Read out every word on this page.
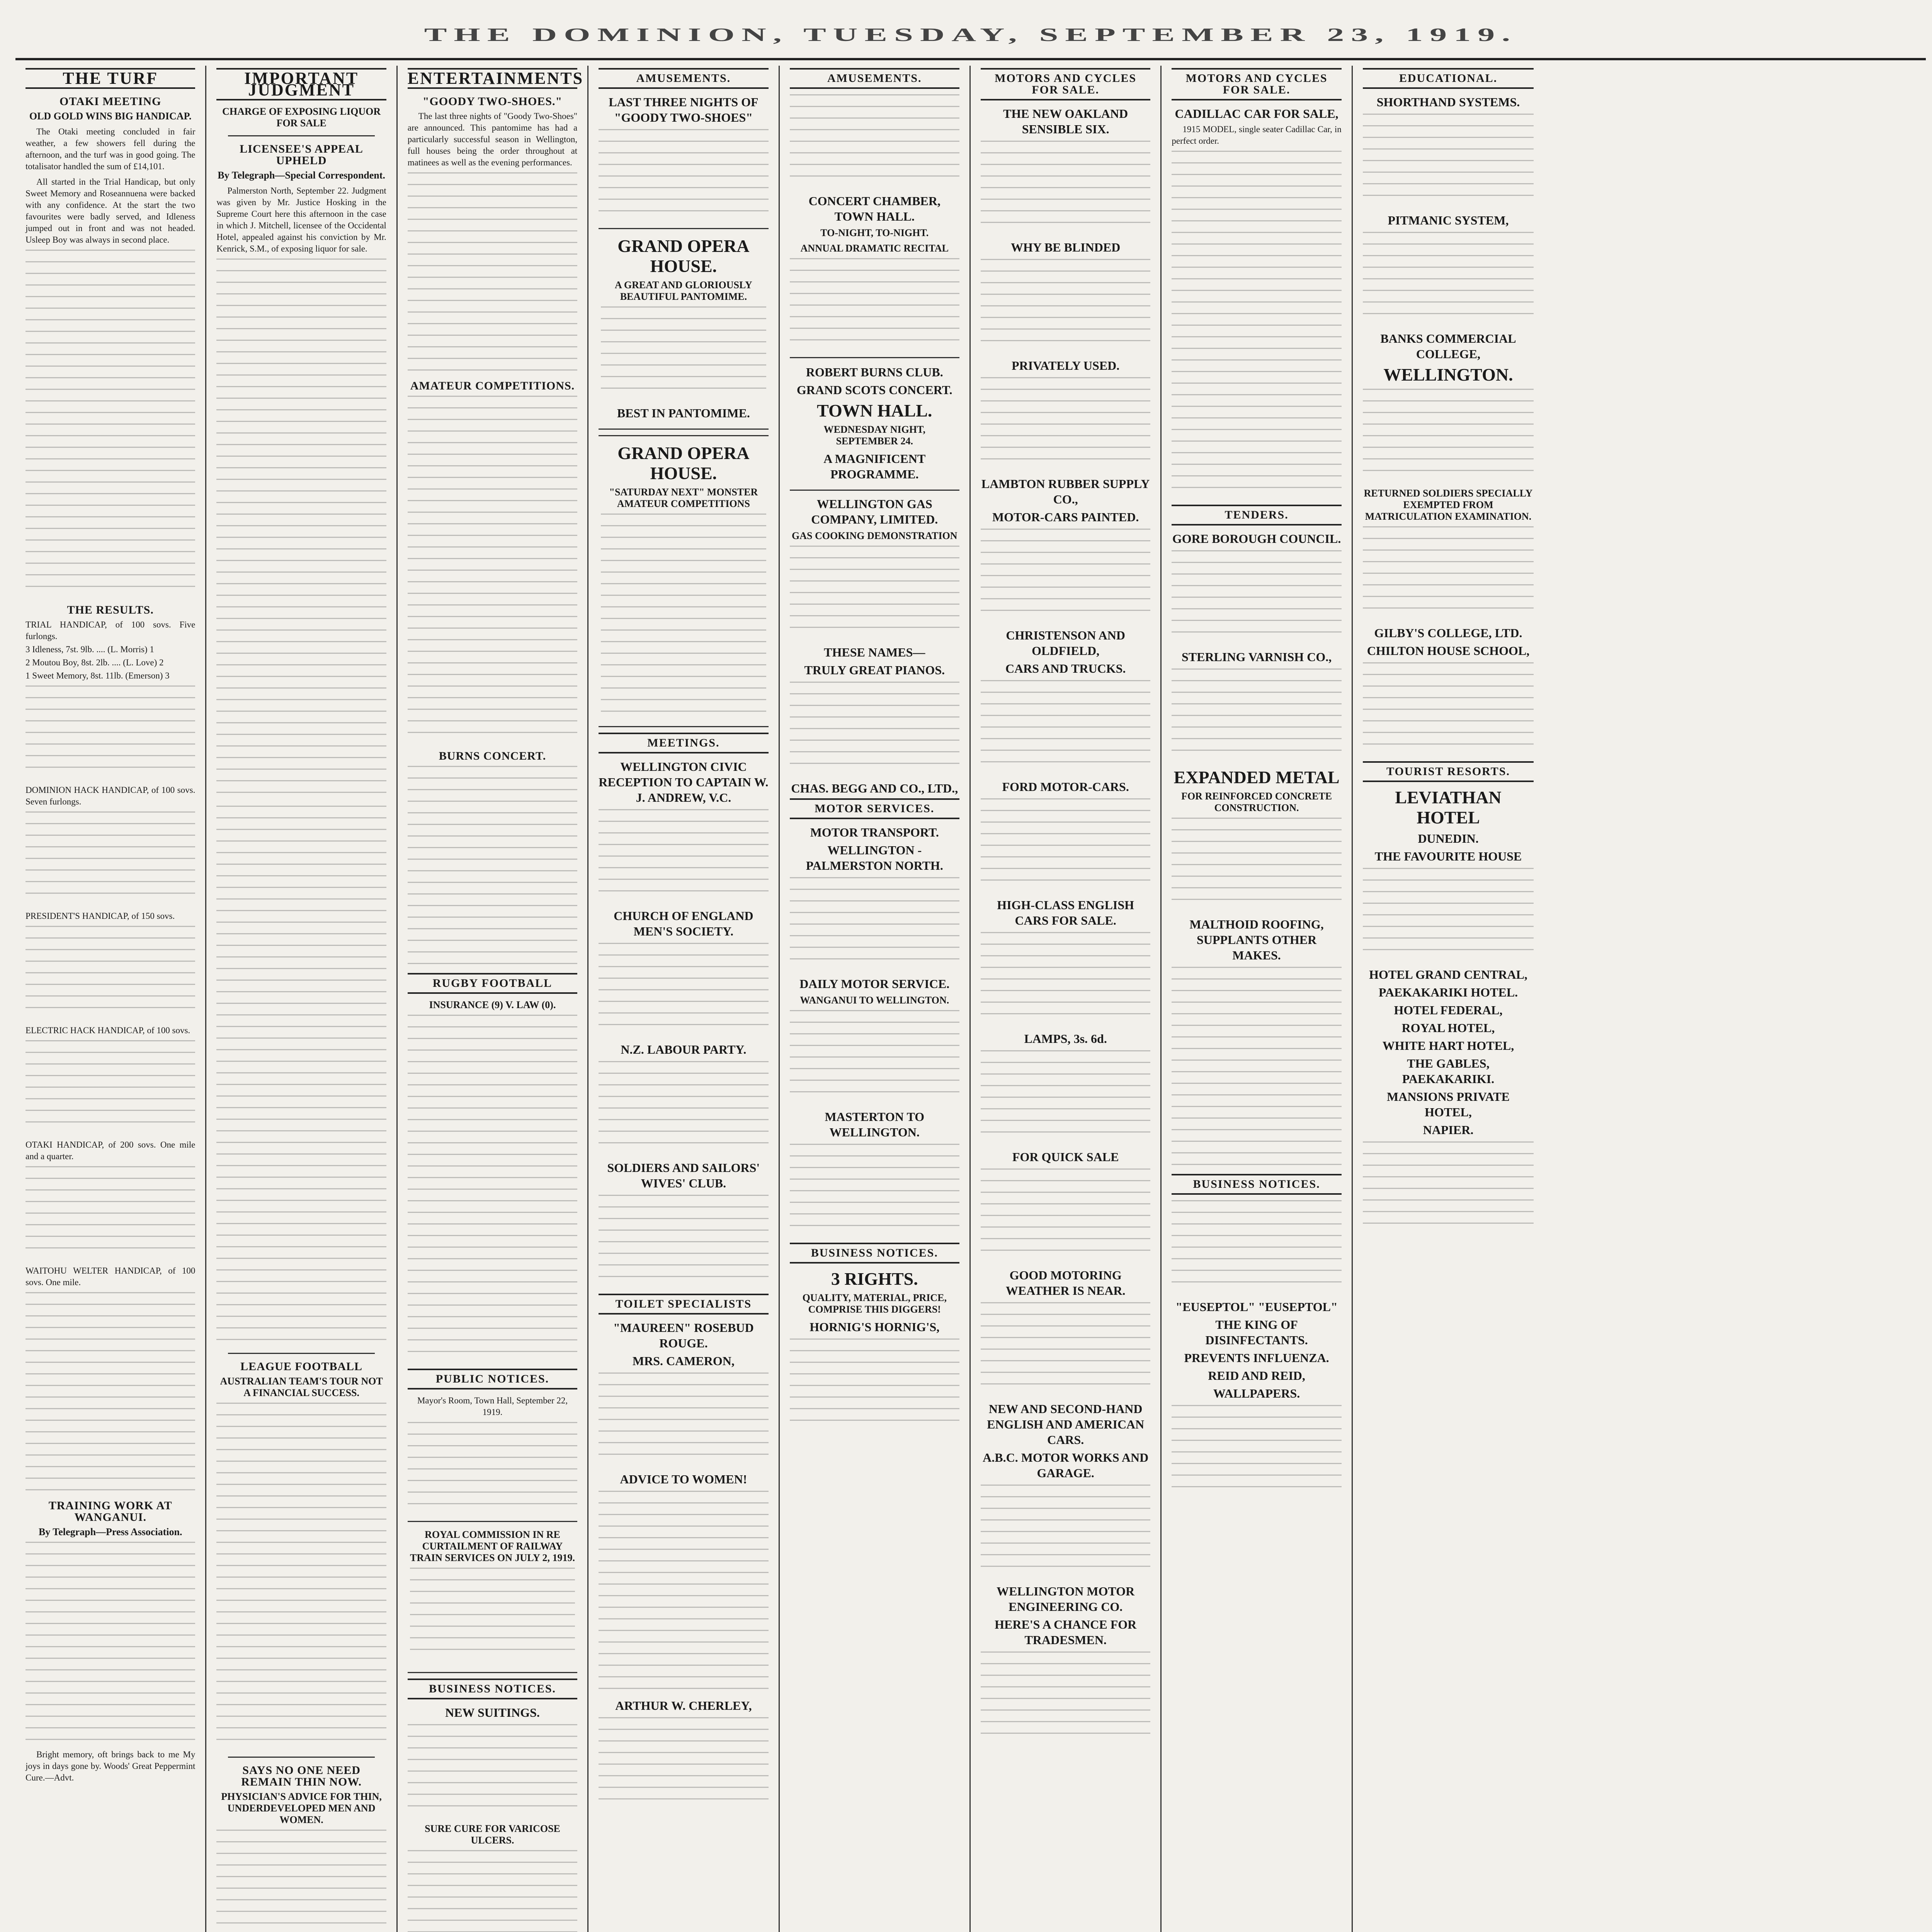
THE DOMINION, TUESDAY, SEPTEMBER 23, 1919.
THE TURF
OTAKI MEETING
OLD GOLD WINS BIG HANDICAP.

The Otaki meeting concluded in fair weather, a few showers fell during the afternoon, and the turf was in good going. The totalisator handled the sum of £14,101.

All started in the Trial Handicap, but only Sweet Memory and Roseannuena were backed with any confidence. At the start the two favourites were badly served, and Idleness jumped out in front and was not headed. Usleep Boy was always in second place.

THE RESULTS.
TRIAL HANDICAP, of 100 sovs. Five furlongs.
3 Idleness, 7st. 9lb. .... (L. Morris) 1
2 Moutou Boy, 8st. 2lb. .... (L. Love) 2
1 Sweet Memory, 8st. 11lb. (Emerson) 3
DOMINION HACK HANDICAP, of 100 sovs. Seven furlongs.
PRESIDENT'S HANDICAP, of 150 sovs.
ELECTRIC HACK HANDICAP, of 100 sovs.
OTAKI HANDICAP, of 200 sovs. One mile and a quarter.
WAITOHU WELTER HANDICAP, of 100 sovs. One mile.
TRAINING WORK AT WANGANUI.
By Telegraph—Press Association.

Bright memory, oft brings back to me My joys in days gone by. Woods' Great Peppermint Cure.—Advt.

IMPORTANT JUDGMENT
CHARGE OF EXPOSING LIQUOR FOR SALE
LICENSEE'S APPEAL UPHELD
By Telegraph—Special Correspondent.

Palmerston North, September 22. Judgment was given by Mr. Justice Hosking in the Supreme Court here this afternoon in the case in which J. Mitchell, licensee of the Occidental Hotel, appealed against his conviction by Mr. Kenrick, S.M., of exposing liquor for sale.

LEAGUE FOOTBALL
AUSTRALIAN TEAM'S TOUR NOT A FINANCIAL SUCCESS.
SAYS NO ONE NEED REMAIN THIN NOW.
PHYSICIAN'S ADVICE FOR THIN, UNDERDEVELOPED MEN AND WOMEN.

ENTERTAINMENTS
"GOODY TWO-SHOES."

The last three nights of "Goody Two-Shoes" are announced. This pantomime has had a particularly successful season in Wellington, full houses being the order throughout at matinees as well as the evening performances.

AMATEUR COMPETITIONS.
BURNS CONCERT.
RUGBY FOOTBALL
INSURANCE (9) V. LAW (0).
PUBLIC NOTICES.
Mayor's Room, Town Hall, September 22, 1919.
ROYAL COMMISSION IN RE CURTAILMENT OF RAILWAY TRAIN SERVICES ON JULY 2, 1919.
BUSINESS NOTICES.
NEW SUITINGS.
SURE CURE FOR VARICOSE ULCERS.
AMUSEMENTS.
LAST THREE NIGHTS OF "GOODY TWO-SHOES"
GRAND OPERA HOUSE.
A GREAT AND GLORIOUSLY BEAUTIFUL PANTOMIME.
BEST IN PANTOMIME.
GRAND OPERA HOUSE.
"SATURDAY NEXT" MONSTER AMATEUR COMPETITIONS
MEETINGS.
WELLINGTON CIVIC RECEPTION TO CAPTAIN W. J. ANDREW, V.C.
CHURCH OF ENGLAND MEN'S SOCIETY.
N.Z. LABOUR PARTY.
SOLDIERS AND SAILORS' WIVES' CLUB.
TOILET SPECIALISTS
"MAUREEN" ROSEBUD ROUGE.
MRS. CAMERON,
ADVICE TO WOMEN!
ARTHUR W. CHERLEY,
AMUSEMENTS.
CONCERT CHAMBER, TOWN HALL.
TO-NIGHT, TO-NIGHT.
ANNUAL DRAMATIC RECITAL
ROBERT BURNS CLUB.
GRAND SCOTS CONCERT.
TOWN HALL.
WEDNESDAY NIGHT, SEPTEMBER 24.
A MAGNIFICENT PROGRAMME.
WELLINGTON GAS COMPANY, LIMITED.
GAS COOKING DEMONSTRATION
THESE NAMES—
TRULY GREAT PIANOS.
CHAS. BEGG AND CO., LTD.,
MOTOR SERVICES.
MOTOR TRANSPORT.
WELLINGTON - PALMERSTON NORTH.
DAILY MOTOR SERVICE.
WANGANUI TO WELLINGTON.
MASTERTON TO WELLINGTON.
BUSINESS NOTICES.
3 RIGHTS.
QUALITY, MATERIAL, PRICE, COMPRISE THIS DIGGERS!
HORNIG'S HORNIG'S,
MOTORS AND CYCLES FOR SALE.
THE NEW OAKLAND SENSIBLE SIX.
WHY BE BLINDED
PRIVATELY USED.
LAMBTON RUBBER SUPPLY CO.,
MOTOR-CARS PAINTED.
CHRISTENSON AND OLDFIELD,
CARS AND TRUCKS.
FORD MOTOR-CARS.
HIGH-CLASS ENGLISH CARS FOR SALE.
LAMPS, 3s. 6d.
FOR QUICK SALE
GOOD MOTORING WEATHER IS NEAR.
NEW AND SECOND-HAND ENGLISH AND AMERICAN CARS.
A.B.C. MOTOR WORKS AND GARAGE.
WELLINGTON MOTOR ENGINEERING CO.
HERE'S A CHANCE FOR TRADESMEN.
MOTORS AND CYCLES FOR SALE.
CADILLAC CAR FOR SALE,

1915 MODEL, single seater Cadillac Car, in perfect order.

TENDERS.
GORE BOROUGH COUNCIL.
STERLING VARNISH CO.,
EXPANDED METAL
FOR REINFORCED CONCRETE CONSTRUCTION.
MALTHOID ROOFING, SUPPLANTS OTHER MAKES.
BUSINESS NOTICES.
"EUSEPTOL" "EUSEPTOL"
THE KING OF DISINFECTANTS.
PREVENTS INFLUENZA.
REID AND REID,
WALLPAPERS.
EDUCATIONAL.
SHORTHAND SYSTEMS.
PITMANIC SYSTEM,
BANKS COMMERCIAL COLLEGE,
WELLINGTON.
RETURNED SOLDIERS SPECIALLY EXEMPTED FROM MATRICULATION EXAMINATION.
GILBY'S COLLEGE, LTD.
CHILTON HOUSE SCHOOL,
TOURIST RESORTS.
LEVIATHAN HOTEL
DUNEDIN.
THE FAVOURITE HOUSE
HOTEL GRAND CENTRAL,
PAEKAKARIKI HOTEL.
HOTEL FEDERAL,
ROYAL HOTEL,
WHITE HART HOTEL,
THE GABLES, PAEKAKARIKI.
MANSIONS PRIVATE HOTEL,
NAPIER.
